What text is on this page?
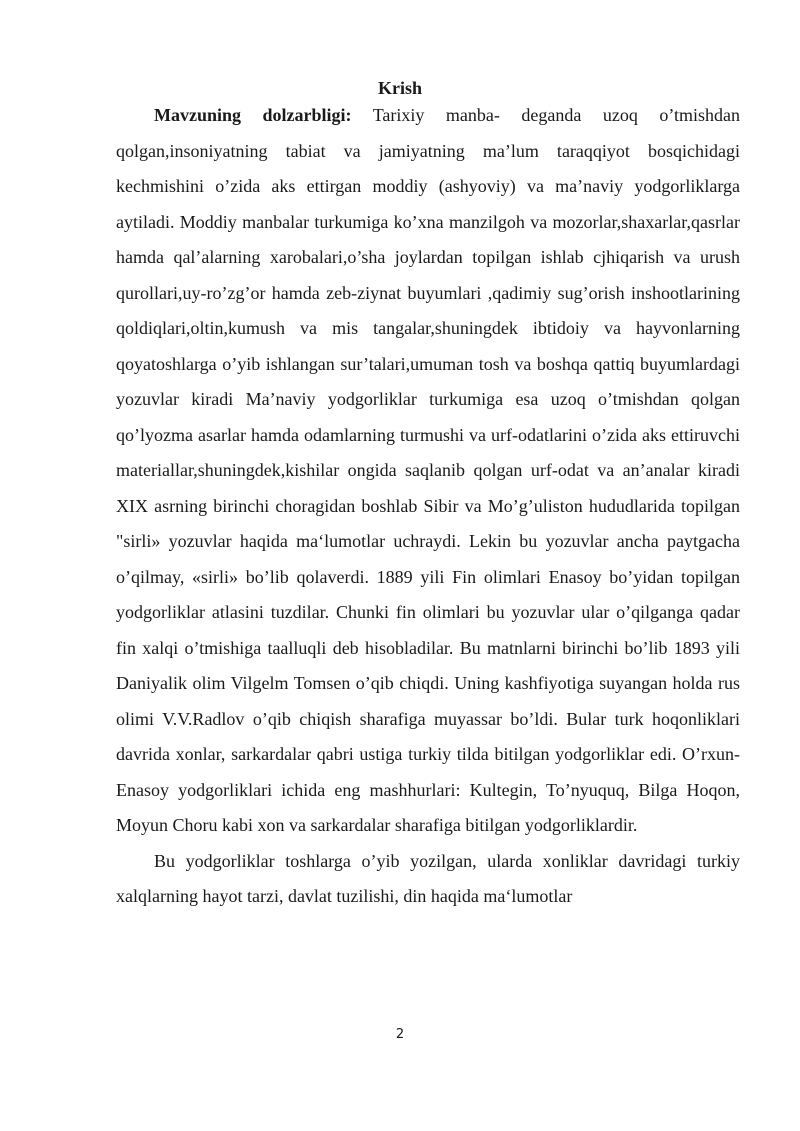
Krish

Mavzuning dolzarbligi: Tarixiy manba- deganda uzoq o’tmishdan qolgan,insoniyatning tabiat va jamiyatning ma’lum taraqqiyot bosqichidagi kechmishini o’zida aks ettirgan moddiy (ashyoviy) va ma’naviy yodgorliklarga aytiladi. Moddiy manbalar turkumiga ko’xna manzilgoh va mozorlar,shaxarlar,qasrlar hamda qal’alarning xarobalari,o’sha joylardan topilgan ishlab cjhiqarish va urush qurollari,uy-ro’zg’or hamda zeb-ziynat buyumlari ,qadimiy sug’orish inshootlarining qoldiqlari,oltin,kumush va mis tangalar,shuningdek ibtidoiy va hayvonlarning qoyatoshlarga o’yib ishlangan sur’talari,umuman tosh va boshqa qattiq buyumlardagi yozuvlar kiradi Ma’naviy yodgorliklar turkumiga esa uzoq o’tmishdan qolgan qo’lyozma asarlar hamda odamlarning turmushi va urf-odatlarini o’zida aks ettiruvchi materiallar,shuningdek,kishilar ongida saqlanib qolgan urf-odat va an’analar kiradi XIX asrning birinchi choragidan boshlab Sibir va Mo’g’uliston hududlarida topilgan "sirli» yozuvlar haqida ma‘lumotlar uchraydi. Lekin bu yozuvlar ancha paytgacha o’qilmay, «sirli» bo’lib qolaverdi. 1889 yili Fin olimlari Enasoy bo’yidan topilgan yodgorliklar atlasini tuzdilar. Chunki fin olimlari bu yozuvlar ular o’qilganga qadar fin xalqi o’tmishiga taalluqli deb hisobladilar. Bu matnlarni birinchi bo’lib 1893 yili Daniyalik olim Vilgelm Tomsen o’qib chiqdi. Uning kashfiyotiga suyangan holda rus olimi V.V.Radlov o’qib chiqish sharafiga muyassar bo’ldi. Bular turk hoqonliklari davrida xonlar, sarkardalar qabri ustiga turkiy tilda bitilgan yodgorliklar edi. O’rxun-Enasoy yodgorliklari ichida eng mashhurlari: Kultegin, To’nyuquq, Bilga Hoqon, Moyun Choru kabi xon va sarkardalar sharafiga bitilgan yodgorliklardir.

Bu yodgorliklar toshlarga o’yib yozilgan, ularda xonliklar davridagi turkiy xalqlarning hayot tarzi, davlat tuzilishi, din haqida ma‘lumotlar

2
